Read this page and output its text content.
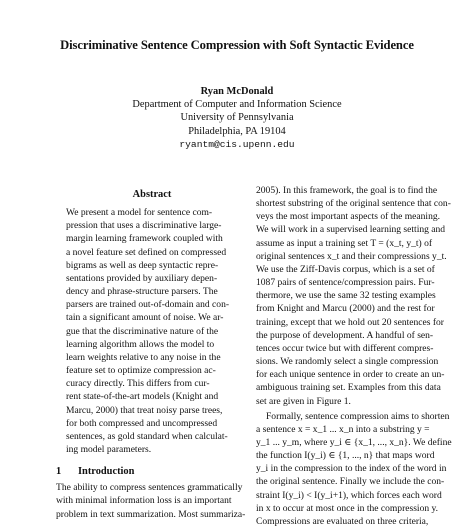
Discriminative Sentence Compression with Soft Syntactic Evidence
Ryan McDonald
Department of Computer and Information Science
University of Pennsylvania
Philadelphia, PA 19104
ryantm@cis.upenn.edu
Abstract
We present a model for sentence com-
pression that uses a discriminative large-
margin learning framework coupled with
a novel feature set defined on compressed
bigrams as well as deep syntactic repre-
sentations provided by auxiliary depen-
dency and phrase-structure parsers. The
parsers are trained out-of-domain and con-
tain a significant amount of noise. We ar-
gue that the discriminative nature of the
learning algorithm allows the model to
learn weights relative to any noise in the
feature set to optimize compression ac-
curacy directly. This differs from cur-
rent state-of-the-art models (Knight and
Marcu, 2000) that treat noisy parse trees,
for both compressed and uncompressed
sentences, as gold standard when calculat-
ing model parameters.
1 Introduction
The ability to compress sentences grammatically
with minimal information loss is an important
problem in text summarization. Most summariza-
2005). In this framework, the goal is to find the
shortest substring of the original sentence that con-
veys the most important aspects of the meaning.
We will work in a supervised learning setting and
assume as input a training set T = (x_t, y_t) of
original sentences x_t and their compressions y_t.
We use the Ziff-Davis corpus, which is a set of
1087 pairs of sentence/compression pairs. Fur-
thermore, we use the same 32 testing examples
from Knight and Marcu (2000) and the rest for
training, except that we hold out 20 sentences for
the purpose of development. A handful of sen-
tences occur twice but with different compres-
sions. We randomly select a single compression
for each unique sentence in order to create an un-
ambiguous training set. Examples from this data
set are given in Figure 1.
Formally, sentence compression aims to shorten
a sentence x = x_1 ... x_n into a substring y =
y_1 ... y_m, where y_i ∈ {x_1, ..., x_n}. We define
the function I(y_i) ∈ {1, ..., n} that maps word
y_i in the compression to the index of the word in
the original sentence. Finally we include the con-
straint I(y_i) < I(y_i+1), which forces each word
in x to occur at most once in the compression y.
Compressions are evaluated on three criteria,
